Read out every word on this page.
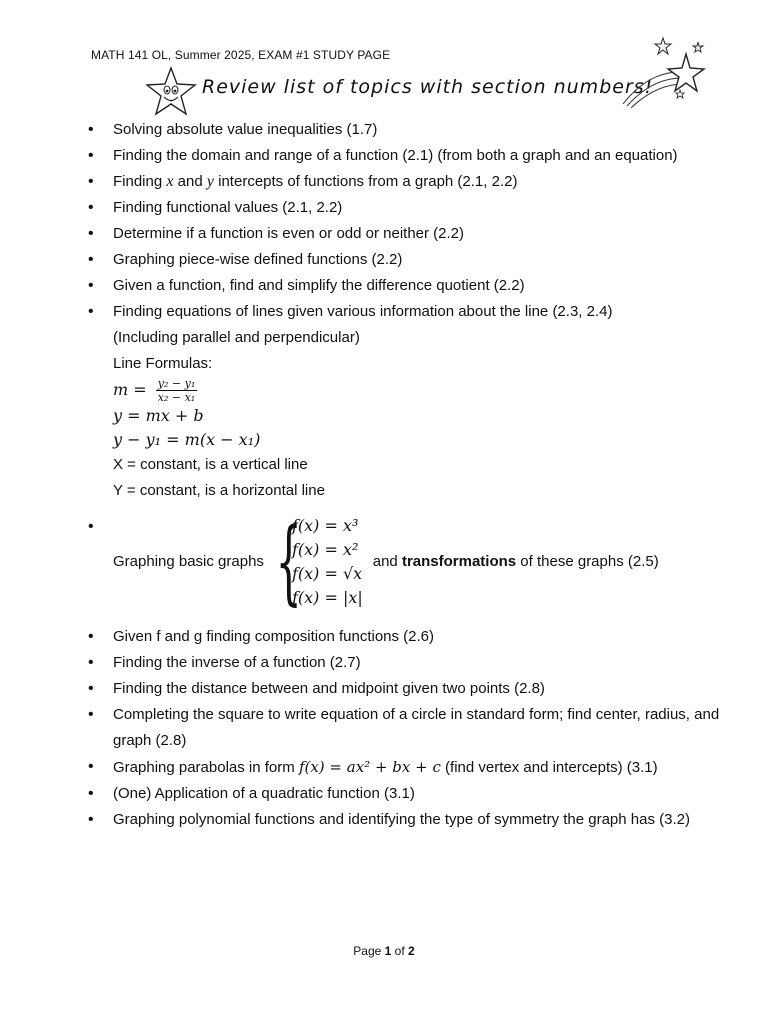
MATH 141 OL, Summer 2025, EXAM #1 STUDY PAGE
Review list of topics with section numbers!
• Solving absolute value inequalities (1.7)
• Finding the domain and range of a function (2.1) (from both a graph and an equation)
• Finding x and y intercepts of functions from a graph (2.1, 2.2)
• Finding functional values (2.1, 2.2)
• Determine if a function is even or odd or neither (2.2)
• Graphing piece-wise defined functions (2.2)
• Given a function, find and simplify the difference quotient (2.2)
• Finding equations of lines given various information about the line (2.3, 2.4)
(Including parallel and perpendicular)
Line Formulas:
$m = \frac{\text{y₂ − y₁}}{\text{x₂ − x₁}}$
y = mx + b
y − y₁ = m(x − x₁)
X = constant, is a vertical line
Y = constant, is a horizontal line
• Graphing basic graphs {
f(x) = x³
f(x) = x²
f(x) = √x
f(x) = |x|
and transformations of these graphs (2.5)
• Given f and g finding composition functions (2.6)
• Finding the inverse of a function (2.7)
• Finding the distance between and midpoint given two points (2.8)
• Completing the square to write equation of a circle in standard form; find center, radius, and graph (2.8)
• Graphing parabolas in form f(x) = ax² + bx + c (find vertex and intercepts) (3.1)
• (One) Application of a quadratic function (3.1)
• Graphing polynomial functions and identifying the type of symmetry the graph has (3.2)
Page 1 of 2
